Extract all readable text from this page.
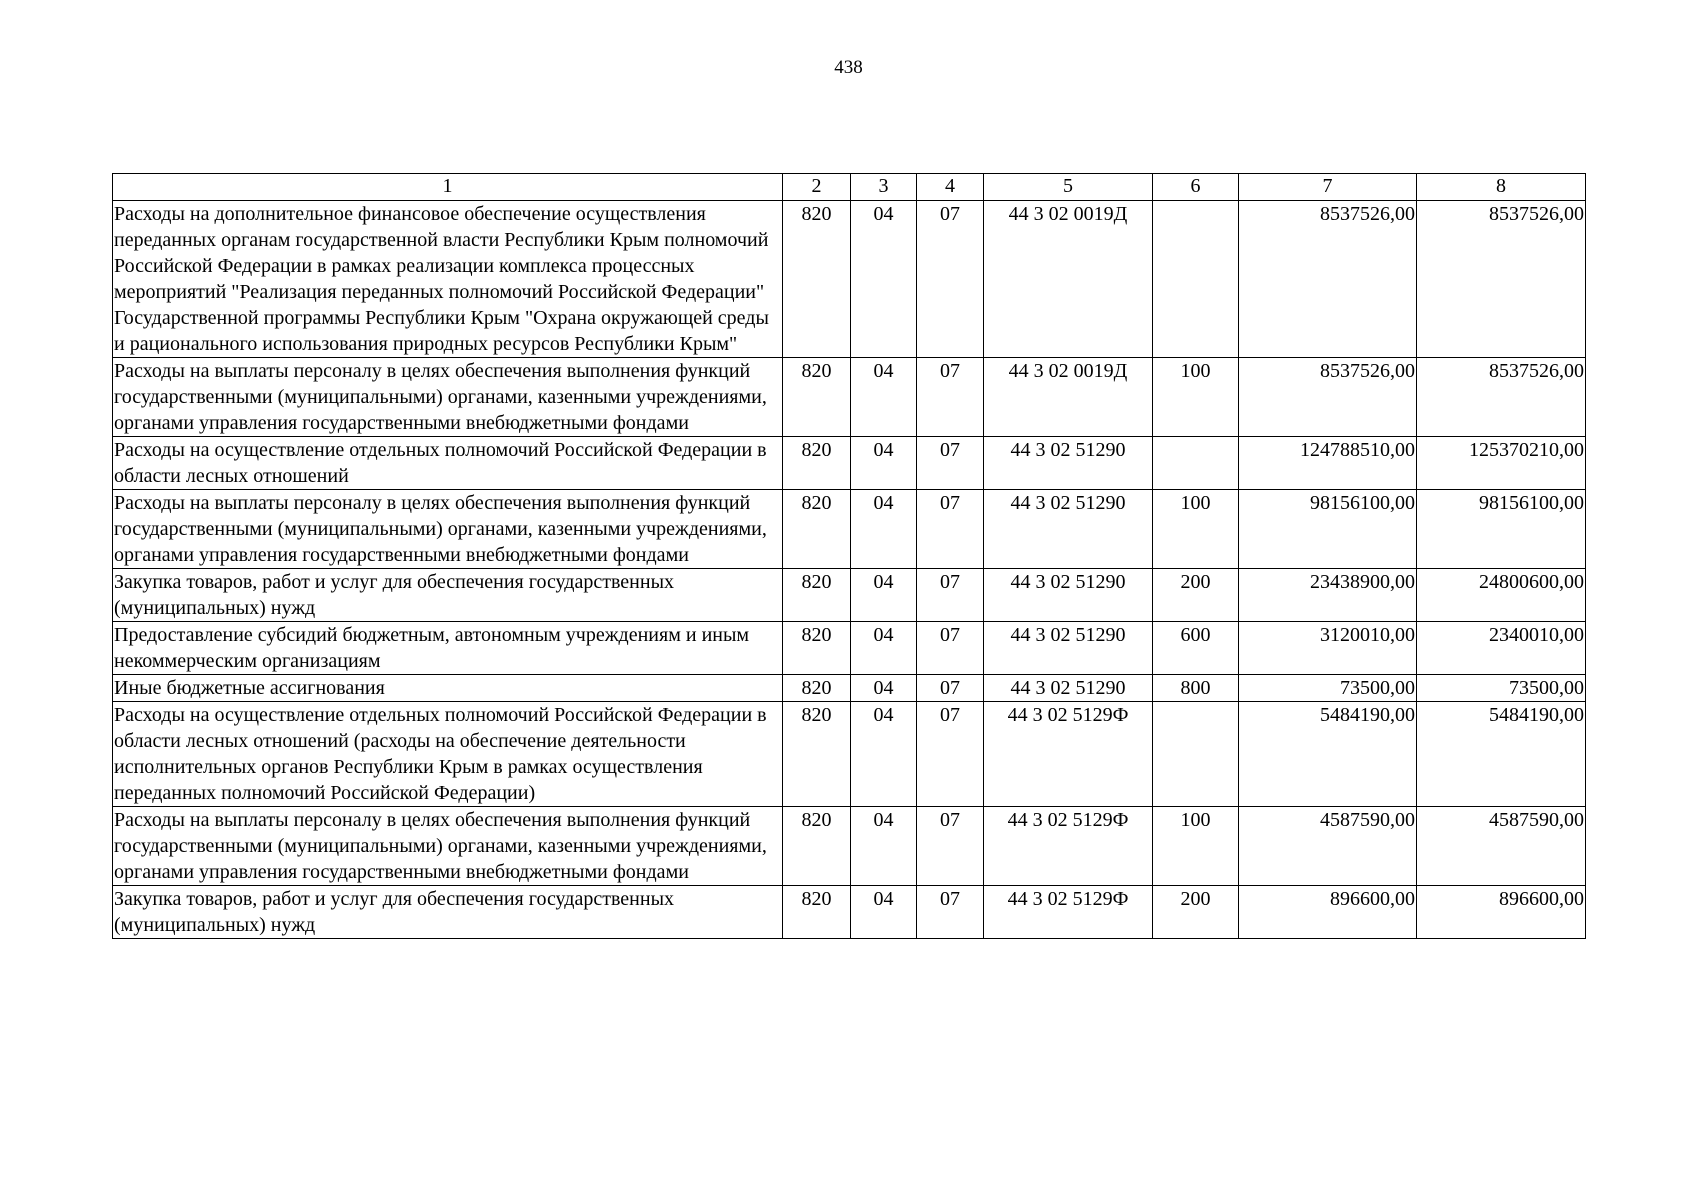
438
1	2	3	4	5	6	7	8
Расходы на дополнительное финансовое обеспечение осуществления переданных органам государственной власти Республики Крым полномочий Российской Федерации в рамках реализации комплекса процессных мероприятий "Реализация переданных полномочий Российской Федерации" Государственной программы Республики Крым "Охрана окружающей среды и рационального использования природных ресурсов Республики Крым"	820	04	07	44 3 02 0019Д		8537526,00	8537526,00
Расходы на выплаты персоналу в целях обеспечения выполнения функций государственными (муниципальными) органами, казенными учреждениями, органами управления государственными внебюджетными фондами	820	04	07	44 3 02 0019Д	100	8537526,00	8537526,00
Расходы на осуществление отдельных полномочий Российской Федерации в области лесных отношений	820	04	07	44 3 02 51290		124788510,00	125370210,00
Расходы на выплаты персоналу в целях обеспечения выполнения функций государственными (муниципальными) органами, казенными учреждениями, органами управления государственными внебюджетными фондами	820	04	07	44 3 02 51290	100	98156100,00	98156100,00
Закупка товаров, работ и услуг для обеспечения государственных (муниципальных) нужд	820	04	07	44 3 02 51290	200	23438900,00	24800600,00
Предоставление субсидий бюджетным, автономным учреждениям и иным некоммерческим организациям	820	04	07	44 3 02 51290	600	3120010,00	2340010,00
Иные бюджетные ассигнования	820	04	07	44 3 02 51290	800	73500,00	73500,00
Расходы на осуществление отдельных полномочий Российской Федерации в области лесных отношений (расходы на обеспечение деятельности исполнительных органов Республики Крым в рамках осуществления переданных полномочий Российской Федерации)	820	04	07	44 3 02 5129Ф		5484190,00	5484190,00
Расходы на выплаты персоналу в целях обеспечения выполнения функций государственными (муниципальными) органами, казенными учреждениями, органами управления государственными внебюджетными фондами	820	04	07	44 3 02 5129Ф	100	4587590,00	4587590,00
Закупка товаров, работ и услуг для обеспечения государственных (муниципальных) нужд	820	04	07	44 3 02 5129Ф	200	896600,00	896600,00
